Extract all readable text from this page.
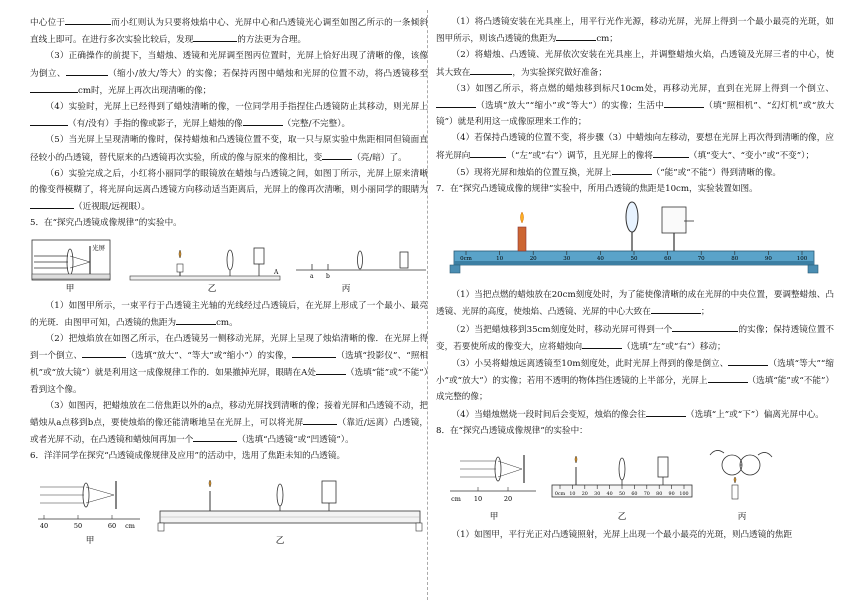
中心位于	而小红则认为只要将烛焰中心、光屏中心和凸透镜光心调至如图乙所示的一条倾斜直线上即可。在进行多次实验比较后，发现	的方法更为合理。

（3）正确操作的前提下，当蜡烛、透镜和光屏调至图丙位置时，光屏上恰好出现了清晰的像，该像为倒立、	（缩小/放大/等大）的实像；若保持丙图中蜡烛和光屏的位置不动，将凸透镜移至cm时，光屏上再次出现清晰的像；

（4）实验时，光屏上已经得到了蜡烛清晰的像，一位同学用手指捏住凸透镜防止其移动，则光屏上（有/没有）手指的像或影子，光屏上蜡烛的像	（完整/不完整）。

（5）当光屏上呈现清晰的像时，保持蜡烛和凸透镜位置不变，取一只与原实验中焦距相同但镜面直径较小的凸透镜，替代原来的凸透镜再次实验，所成的像与原来的像相比，变	（亮/暗）了。

（6）实验完成之后，小红将小丽同学的眼镜放在蜡烛与凸透镜之间，如图丁所示，光屏上原来清晰的像变得模糊了，将光屏向远离凸透镜方向移动适当距离后，光屏上的像再次清晰，则小丽同学的眼睛为（近视眼/远视眼）。

5．在“探究凸透镜成像规律”的实验中。

光屏
甲
A
乙
a b
丙

（1）如图甲所示，一束平行于凸透镜主光轴的光线经过凸透镜后，在光屏上形成了一个最小、最亮的光斑．由图甲可知，凸透镜的焦距为	cm。

（2）把烛焰放在如图乙所示，在凸透镜另一侧移动光屏，光屏上呈现了烛焰清晰的像．在光屏上得到一个倒立、	（选填“放大”、“等大”或“缩小”）的实像，	（选填“投影仪”、“照相机”或“放大镜”）就是利用这一成像规律工作的．如果撤掉光屏，眼睛在A处	（选填“能”或“不能”）看到这个像。

（3）如图丙，把蜡烛放在二倍焦距以外的a点，移动光屏找到清晰的像；接着光屏和凸透镜不动，把蜡烛从a点移到b点，要使烛焰的像还能清晰地呈在光屏上，可以将光屏	（靠近/远离）凸透镜，或者光屏不动，在凸透镜和蜡烛间再加一个	（选填“凸透镜”或“凹透镜”）。

6．洋洋同学在探究“凸透镜成像规律及应用”的活动中，选用了焦距未知的凸透镜。

40	50	60 cm
甲	乙

（1）将凸透镜安装在光具座上，用平行光作光源，移动光屏，光屏上得到一个最小最亮的光斑，如图甲所示，则该凸透镜的焦距为	cm；

（2）将蜡烛、凸透镜、光屏依次安装在光具座上，并调整蜡烛火焰，凸透镜及光屏三者的中心，使其大致在	，为实验探究做好准备；

（3）如图乙所示，将点燃的蜡烛移到标尺10cm处，再移动光屏，直到在光屏上得到一个倒立、（选填“放大”“缩小”或“等大”）的实像；生活中	（填“照相机”、“幻灯机”或“放大镜”）就是利用这一成像原理来工作的；

（4）若保持凸透镜的位置不变，将步骤（3）中蜡烛向左移动，要想在光屏上再次得到清晰的像，应将光屏向	（“左”或“右”）调节，且光屏上的像将	（填“变大”、“变小”或“不变”）；

（5）现将光屏和烛焰的位置互换，光屏上	（“能”或“不能”）得到清晰的像。

7．在“探究凸透镜成像的规律”实验中，所用凸透镜的焦距是10cm，实验装置如图。

0cm	10	20	30	40	50	60	70	80	90	100

（1）当把点燃的蜡烛放在20cm刻度处时，为了能使像清晰的成在光屏的中央位置，要调整蜡烛、凸透镜、光屏的高度，使烛焰、凸透镜、光屏的中心大致在	；

（2）当把蜡烛移到35cm刻度处时，移动光屏可得到一个	的实像；保持透镜位置不变，若要使所成的像变大，应将蜡烛向	（选填“左”或“右”）移动；

（3）小吴将蜡烛远离透镜至10m刻度处，此时光屏上得到的像是倒立、	（选填“等大”“缩小”或“放大”）的实像；若用不透明的物体挡住透镜的上半部分，光屏上	（选填“能”或“不能”）成完整的像；

（4）当蜡烛燃烧一段时间后会变短，烛焰的像会往	（选填“上”或“下”）偏离光屏中心。

8．在“探究凸透镜成像规律”的实验中：

cm 10	20
甲
0cm 10 20 30 40 50 60 70 80 90 100
乙	丙

（1）如图甲，平行光正对凸透镜照射，光屏上出现一个最小最亮的光斑，则凸透镜的焦距
